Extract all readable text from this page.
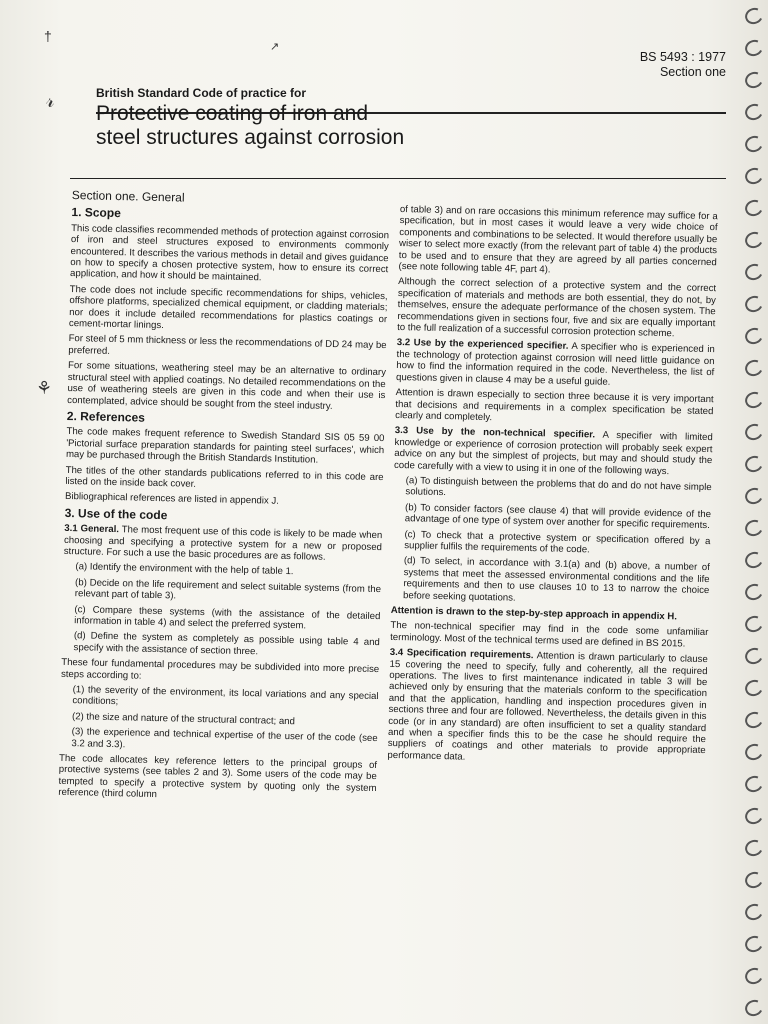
†
↗
𝓇
⚘
BS 5493 : 1977
Section one

British Standard Code of practice for

Protective coating of iron and
steel structures against corrosion
Section one. General
1. Scope

This code classifies recommended methods of protection against corrosion of iron and steel structures exposed to environments commonly encountered. It describes the various methods in detail and gives guidance on how to specify a chosen protective system, how to ensure its correct application, and how it should be maintained.

The code does not include specific recommendations for ships, vehicles, offshore platforms, specialized chemical equipment, or cladding materials; nor does it include detailed recommendations for plastics coatings or cement-mortar linings.

For steel of 5 mm thickness or less the recommendations of DD 24 may be preferred.

For some situations, weathering steel may be an alternative to ordinary structural steel with applied coatings. No detailed recommendations on the use of weathering steels are given in this code and when their use is contemplated, advice should be sought from the steel industry.

2. References

The code makes frequent reference to Swedish Standard SIS 05 59 00 'Pictorial surface preparation standards for painting steel surfaces', which may be purchased through the British Standards Institution.

The titles of the other standards publications referred to in this code are listed on the inside back cover.

Bibliographical references are listed in appendix J.

3. Use of the code

3.1 General. The most frequent use of this code is likely to be made when choosing and specifying a protective system for a new or proposed structure. For such a use the basic procedures are as follows.

(a) Identify the environment with the help of table 1.

(b) Decide on the life requirement and select suitable systems (from the relevant part of table 3).

(c) Compare these systems (with the assistance of the detailed information in table 4) and select the preferred system.

(d) Define the system as completely as possible using table 4 and specify with the assistance of section three.

These four fundamental procedures may be subdivided into more precise steps according to:

(1) the severity of the environment, its local variations and any special conditions;

(2) the size and nature of the structural contract; and

(3) the experience and technical expertise of the user of the code (see 3.2 and 3.3).

The code allocates key reference letters to the principal groups of protective systems (see tables 2 and 3). Some users of the code may be tempted to specify a protective system by quoting only the system reference (third column

of table 3) and on rare occasions this minimum reference may suffice for a specification, but in most cases it would leave a very wide choice of components and combinations to be selected. It would therefore usually be wiser to select more exactly (from the relevant part of table 4) the products to be used and to ensure that they are agreed by all parties concerned (see note following table 4F, part 4).

Although the correct selection of a protective system and the correct specification of materials and methods are both essential, they do not, by themselves, ensure the adequate performance of the chosen system. The recommendations given in sections four, five and six are equally important to the full realization of a successful corrosion protection scheme.

3.2 Use by the experienced specifier. A specifier who is experienced in the technology of protection against corrosion will need little guidance on how to find the information required in the code. Nevertheless, the list of questions given in clause 4 may be a useful guide.

Attention is drawn especially to section three because it is very important that decisions and requirements in a complex specification be stated clearly and completely.

3.3 Use by the non-technical specifier. A specifier with limited knowledge or experience of corrosion protection will probably seek expert advice on any but the simplest of projects, but may and should study the code carefully with a view to using it in one of the following ways.

(a) To distinguish between the problems that do and do not have simple solutions.

(b) To consider factors (see clause 4) that will provide evidence of the advantage of one type of system over another for specific requirements.

(c) To check that a protective system or specification offered by a supplier fulfils the requirements of the code.

(d) To select, in accordance with 3.1(a) and (b) above, a number of systems that meet the assessed environmental conditions and the life requirements and then to use clauses 10 to 13 to narrow the choice before seeking quotations.

Attention is drawn to the step-by-step approach in appendix H.

The non-technical specifier may find in the code some unfamiliar terminology. Most of the technical terms used are defined in BS 2015.

3.4 Specification requirements. Attention is drawn particularly to clause 15 covering the need to specify, fully and coherently, all the required operations. The lives to first maintenance indicated in table 3 will be achieved only by ensuring that the materials conform to the specification and that the application, handling and inspection procedures given in sections three and four are followed. Nevertheless, the details given in this code (or in any standard) are often insufficient to set a quality standard and when a specifier finds this to be the case he should require the suppliers of coatings and other materials to provide appropriate performance data.
